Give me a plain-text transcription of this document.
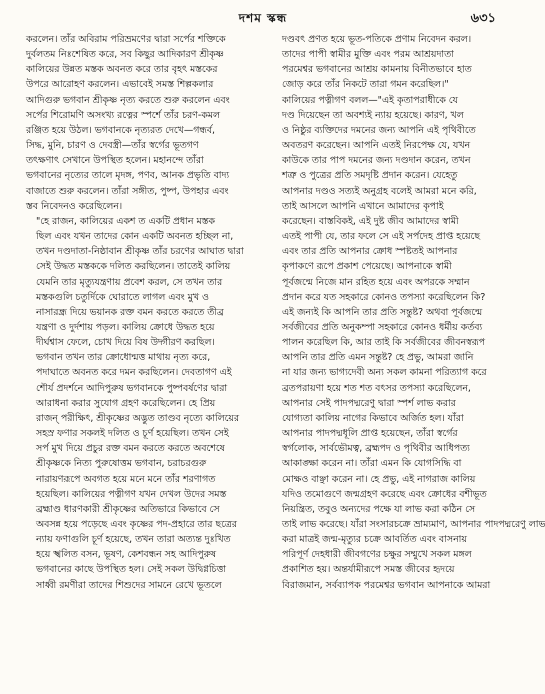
দশম স্কন্ধ	৬৩১

করলেন। তাঁর অবিরাম পরিভ্রমণের দ্বারা সর্পের শক্তিকে
দুর্বলতম নিঃশেষিত করে, সব কিছুর আদিকারণ শ্রীকৃষ্ণ
কালিয়ের উন্নত মস্তক অবনত করে তার বৃহৎ মস্তকের
উপরে আরোহণ করলেন। এভাবেই সমস্ত শিল্পকলার
আদিগুরু ভগবান শ্রীকৃষ্ণ নৃত্য করতে শুরু করলেন এবং
সর্পের শিরোমণি অসংখ্য রত্নের স্পর্শে তাঁর চরণ-কমল
রঞ্জিত হয়ে উঠল। ভগবানকে নৃত্যরত দেখে—গন্ধর্ব,
সিদ্ধ, মুনি, চারণ ও দেবস্ত্রী—তাঁর স্বর্গের ভূতগণ
তৎক্ষণাৎ সেখানে উপস্থিত হলেন। মহানন্দে তাঁরা
ভগবানের নৃত্যের তালে মৃদঙ্গ, পণব, আনক প্রভৃতি বাদ্য
বাজাতে শুরু করলেন। তাঁরা সঙ্গীত, পুষ্প, উপহার এবং
স্তব নিবেদনও করেছিলেন।

"হে রাজন, কালিয়ের একশ ত একটি প্রধান মস্তক
ছিল এবং যখন তাদের কোন একটি অবনত হচ্ছিল না,
তখন দণ্ডদাতা-নিষ্ঠাবান শ্রীকৃষ্ণ তাঁর চরণের আঘাত দ্বারা
সেই উদ্ধত মস্তককে দলিত করছিলেন। তাতেই কালিয়
যেমনি তার মৃত্যুযন্ত্রণায় প্রবেশ করল, সে তখন তার
মস্তকগুলি চতুর্দিকে ঘোরাতে লাগল এবং মুখ ও
নাসারন্ধ্র দিয়ে ভয়ানক রক্ত বমন করতে করতে তীব্র
যন্ত্রণা ও দুর্দশায় পড়ল। কালিয় ক্রোধে উদ্ধত হয়ে
দীর্ঘশ্বাস ফেলে, চোখ দিয়ে বিষ উদ্গীরণ করছিল।
ভগবান তখন তার ক্রোধোন্মত্ত মাথায় নৃত্য করে,
পদাঘাতে অবনত করে দমন করছিলেন। দেবতাগণ এই
শৌর্য প্রদর্শনে আদিপুরুষ ভগবানকে পুষ্পবর্ষণের দ্বারা
আরাধনা করার সুযোগ গ্রহণ করেছিলেন। হে প্রিয়
রাজন্ পরীক্ষিৎ, শ্রীকৃষ্ণের অদ্ভুত তাণ্ডব নৃত্যে কালিয়ের
সহস্র ফণার সকলই দলিত ও চূর্ণ হয়েছিল। তখন সেই
সর্প মুখ দিয়ে প্রচুর রক্ত বমন করতে করতে অবশেষে
শ্রীকৃষ্ণকে নিত্য পুরুষোত্তম ভগবান, চরাচরগুরু
নারায়ণরূপে অবগত হয়ে মনে মনে তাঁর শরণাগত
হয়েছিল। কালিয়ের পত্নীগণ যখন দেখল উদের সমস্ত
ব্রহ্মাণ্ড ধারণকারী শ্রীকৃষ্ণের অতিভারে কিভাবে সে
অবসন্ন হয়ে পড়েছে এবং কৃষ্ণের পদ-প্রহারে তার ছত্রের
ন্যায় ফণাগুলি চূর্ণ হয়েছে, তখন তারা অত্যন্ত দুঃখিত
হয়ে স্খলিত বসন, ভূষণ, কেশবন্ধন সহ আদিপুরুষ
ভগবানের কাছে উপস্থিত হল। সেই সকল উদ্বিগ্নচিত্তা
সাধ্বী রমণীরা তাদের শিশুদের সামনে রেখে ভূতলে

দণ্ডবৎ প্রণত হয়ে ভূত-পতিকে প্রণাম নিবেদন করল।
তাদের পাপী স্বামীর মুক্তি এবং পরম আশ্রয়দাতা
পরমেশ্বর ভগবানের আশ্রয় কামনায় বিনীতভাবে হাত
জোড় করে তাঁর নিকটে তারা গমন করেছিল।"

কালিয়ের পত্নীগণ বলল—"এই কৃতাপরাধীকে যে
দণ্ড দিয়েছেন তা অবশ্যই ন্যায় হয়েছে। কারণ, খল
ও নিষ্ঠুর ব্যক্তিদের দমনের জন্য আপনি এই পৃথিবীতে
অবতরণ করেছেন। আপনি এতই নিরপেক্ষ যে, যখন
কাউকে তার পাপ দমনের জন্য দণ্ডদান করেন, তখন
শত্রু ও পুত্রের প্রতি সমদৃষ্টি প্রদান করেন। যেহেতু
আপনার দণ্ডও সত্যই অনুগ্রহ বলেই আমরা মনে করি,
তাই আসলে আপনি এখানে আমাদের কৃপাই
করেছেন। বাস্তবিকই, এই দুষ্ট জীব আমাদের স্বামী
এতই পাপী যে, তার ফলে সে এই সর্পদেহ প্রাপ্ত হয়েছে
এবং তার প্রতি আপনার ক্রোধ স্পষ্টতই আপনার
কৃপাকণে রূপে প্রকাশ পেয়েছে। আপনাকে স্বামী
পূর্বজন্মে নিজে মান রহিত হয়ে এবং অপরকে সম্মান
প্রদান করে যত সহকারে কোনও তপস্যা করেছিলেন কি?
এই জন্যই কি আপনি তার প্রতি সন্তুষ্ট? অথবা পূর্বজন্মে
সর্বজীবের প্রতি অনুকম্পা সহকারে কোনও ধর্মীয় কর্তব্য
পালন করেছিল কি, আর তাই কি সর্বজীবের জীবনস্বরূপ
আপনি তার প্রতি এমন সন্তুষ্ট? হে প্রভু, আমরা জানি
না যার জন্য ভাগ্যদেবী অন্য সকল কামনা পরিত্যাগ করে
ব্রতপরায়ণা হয়ে শত শত বৎসর তপস্যা করেছিলেন,
আপনার সেই পাদপদ্মরেণু দ্বারা স্পর্শ লাভ করার
যোগ্যতা কালিয় নাগের কিভাবে অর্জিত হল। যাঁরা
আপনার পাদপদ্মধূলি প্রাপ্ত হয়েছেন, তাঁরা স্বর্গের
স্বর্গলোক, সার্বভৌমত্ব, ব্রহ্মপদ ও পৃথিবীর আধিপত্য
আকাঙ্ক্ষা করেন না। তাঁরা এমন কি যোগসিদ্ধি বা
মোক্ষও বাঞ্ছা করেন না। হে প্রভু, এই নাগরাজ কালিয়
যদিও তমোগুণে জন্মগ্রহণ করেছে এবং ক্রোধের বশীভূত
নিয়ন্ত্রিত, তবুও অন্যদের পক্ষে যা লাভ করা কঠিন সে
তাই লাভ করেছে। যাঁরা সংসারচক্রে ভ্রাম্যমাণ, আপনার পাদপদ্মরেণু লাভ
করা মাত্রই জন্ম-মৃত্যুর চক্রে আবর্তিত এবং বাসনায়
পরিপূর্ণ দেহধারী জীবগণের চক্ষুর সম্মুখে সকল মঙ্গল
প্রকাশিত হয়। অন্তর্যামীরূপে সমস্ত জীবের হৃদয়ে
বিরাজমান, সর্বব্যাপক পরমেশ্বর ভগবান আপনাকে আমরা
